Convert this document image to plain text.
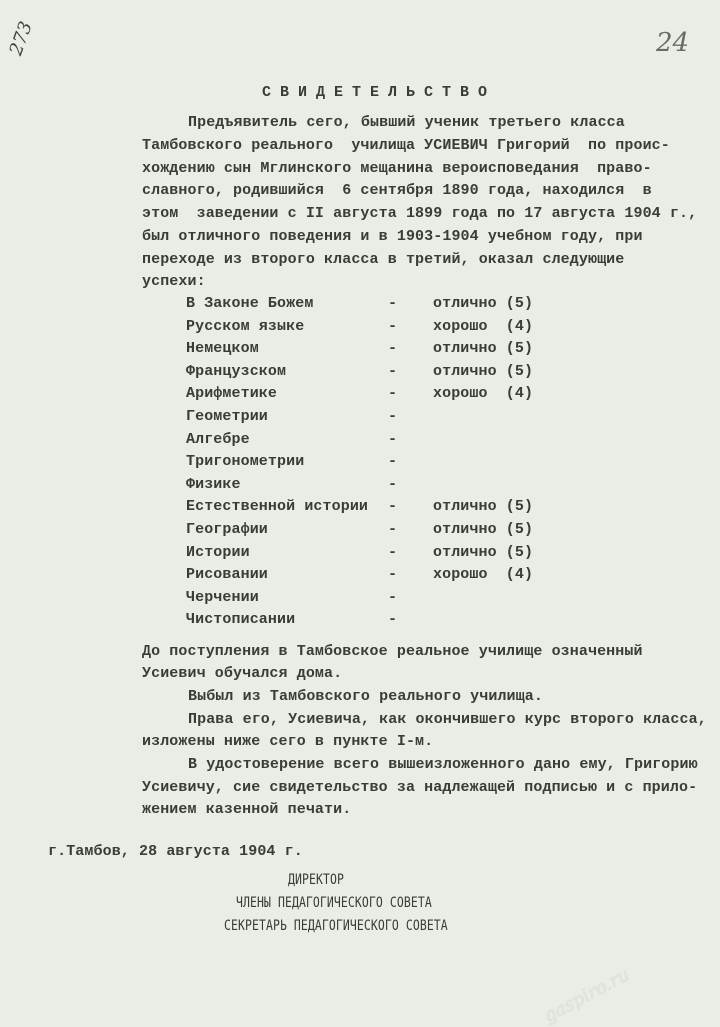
273	24
СВИДЕТЕЛЬСТВО
Предъявитель сего, бывший ученик третьего класса
Тамбовского реального  училища УСИЕВИЧ Григорий  по проис-
хождению сын Мглинского мещанина вероисповедания  право-
славного, родившийся  6 сентября 1890 года, находился  в
этом  заведении с II августа 1899 года по 17 августа 1904 г.,
был отличного поведения и в 1903-1904 учебном году, при
переходе из второго класса в третий, оказал следующие
успехи:
В Законе Божем	- отлично (5)
Русском языке	- хорошо  (4)
Немецком	- отлично (5)
Французском	- отлично (5)
Арифметике	- хорошо  (4)
Геометрии	-
Алгебре	-
Тригонометрии	-
Физике	-
Естественной истории - отлично (5)
Географии	- отлично (5)
Истории	- отлично (5)
Рисовании	- хорошо  (4)
Черчении	-
Чистописании	-
До поступления в Тамбовское реальное училище означенный
Усиевич обучался дома.
Выбыл из Тамбовского реального училища.
Права его, Усиевича, как окончившего курс второго класса,
изложены ниже сего в пункте I-м.
В удостоверение всего вышеизложенного дано ему, Григорию
Усиевичу, сие свидетельство за надлежащей подписью и с прило-
жением казенной печати.
г.Тамбов, 28 августа 1904 г.
ДИРЕКТОР
ЧЛЕНЫ ПЕДАГОГИЧЕСКОГО СОВЕТА
СЕКРЕТАРЬ ПЕДАГОГИЧЕСКОГО СОВЕТА
gaspiro.ru
